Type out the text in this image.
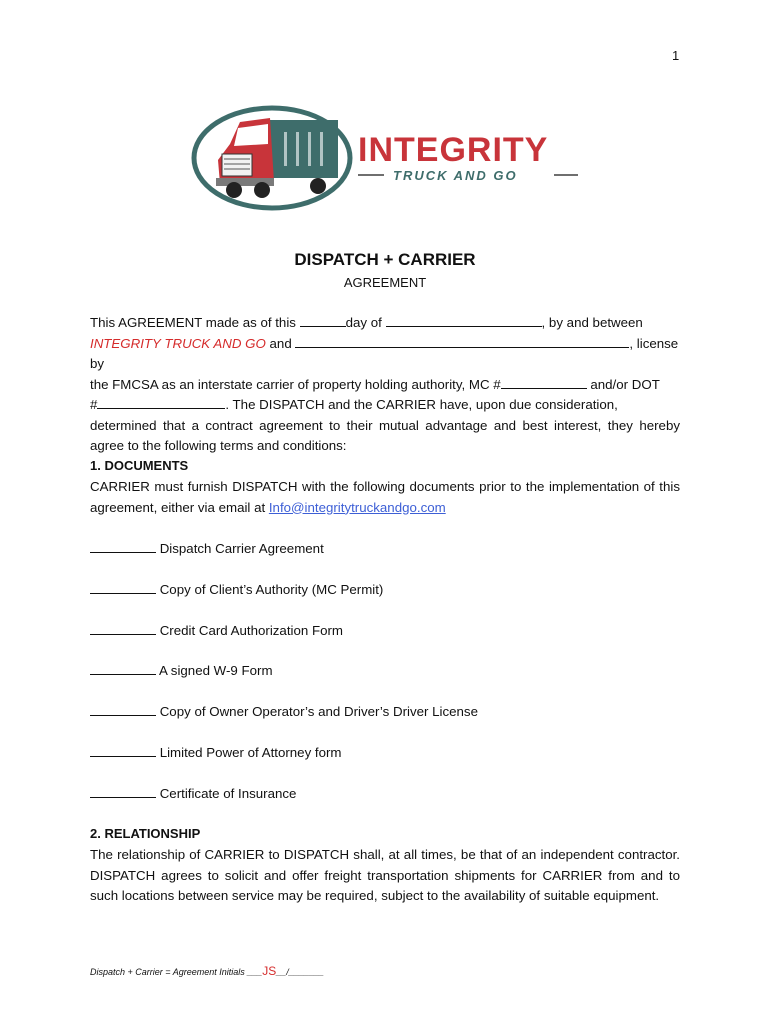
1
INTEGRITY
TRUCK AND GO
DISPATCH + CARRIER
AGREEMENT
This AGREEMENT made as of this	day of	, by and between
INTEGRITY TRUCK AND GO and	, license by
the FMCSA as an interstate carrier of property holding authority, MC #	and/or DOT
#	. The DISPATCH and the CARRIER have, upon due consideration,
determined that a contract agreement to their mutual advantage and best interest, they hereby agree to the following terms and conditions:
1. DOCUMENTS
CARRIER must furnish DISPATCH with the following documents prior to the implementation of this agreement, either via email at Info@integritytruckandgo.com
Dispatch Carrier Agreement
Copy of Client’s Authority (MC Permit)
Credit Card Authorization Form
A signed W-9 Form
Copy of Owner Operator’s and Driver’s Driver License
Limited Power of Attorney form
Certificate of Insurance
2. RELATIONSHIP
The relationship of CARRIER to DISPATCH shall, at all times, be that of an independent contractor. DISPATCH agrees to solicit and offer freight transportation shipments for CARRIER from and to such locations between service may be required, subject to the availability of suitable equipment.
Dispatch + Carrier = Agreement Initials ___JS__/_______
